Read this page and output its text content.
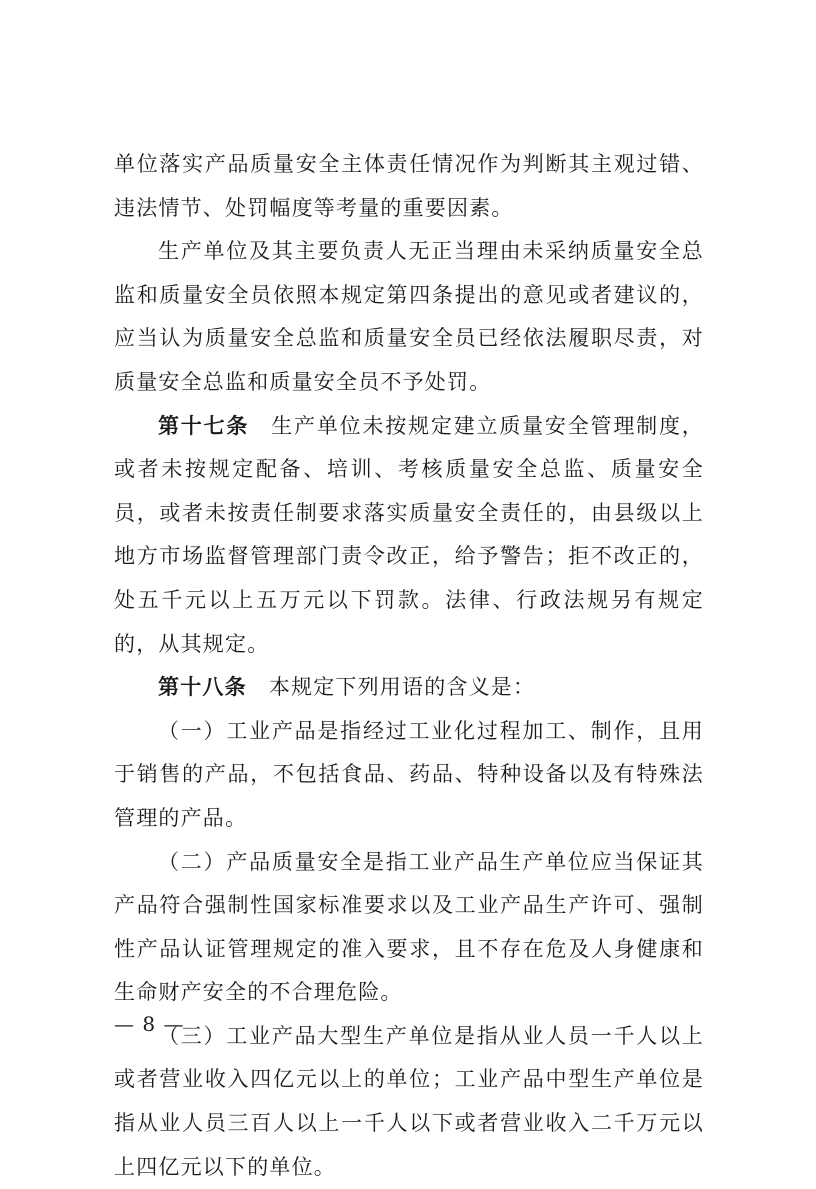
单位落实产品质量安全主体责任情况作为判断其主观过错、违法情节、处罚幅度等考量的重要因素。

生产单位及其主要负责人无正当理由未采纳质量安全总监和质量安全员依照本规定第四条提出的意见或者建议的，应当认为质量安全总监和质量安全员已经依法履职尽责，对质量安全总监和质量安全员不予处罚。

第十七条 生产单位未按规定建立质量安全管理制度，或者未按规定配备、培训、考核质量安全总监、质量安全员，或者未按责任制要求落实质量安全责任的，由县级以上地方市场监督管理部门责令改正，给予警告；拒不改正的，处五千元以上五万元以下罚款。法律、行政法规另有规定的，从其规定。

第十八条 本规定下列用语的含义是：

（一）工业产品是指经过工业化过程加工、制作，且用于销售的产品，不包括食品、药品、特种设备以及有特殊法管理的产品。

（二）产品质量安全是指工业产品生产单位应当保证其产品符合强制性国家标准要求以及工业产品生产许可、强制性产品认证管理规定的准入要求，且不存在危及人身健康和生命财产安全的不合理危险。

（三）工业产品大型生产单位是指从业人员一千人以上或者营业收入四亿元以上的单位；工业产品中型生产单位是指从业人员三百人以上一千人以下或者营业收入二千万元以上四亿元以下的单位。

— 8 —
